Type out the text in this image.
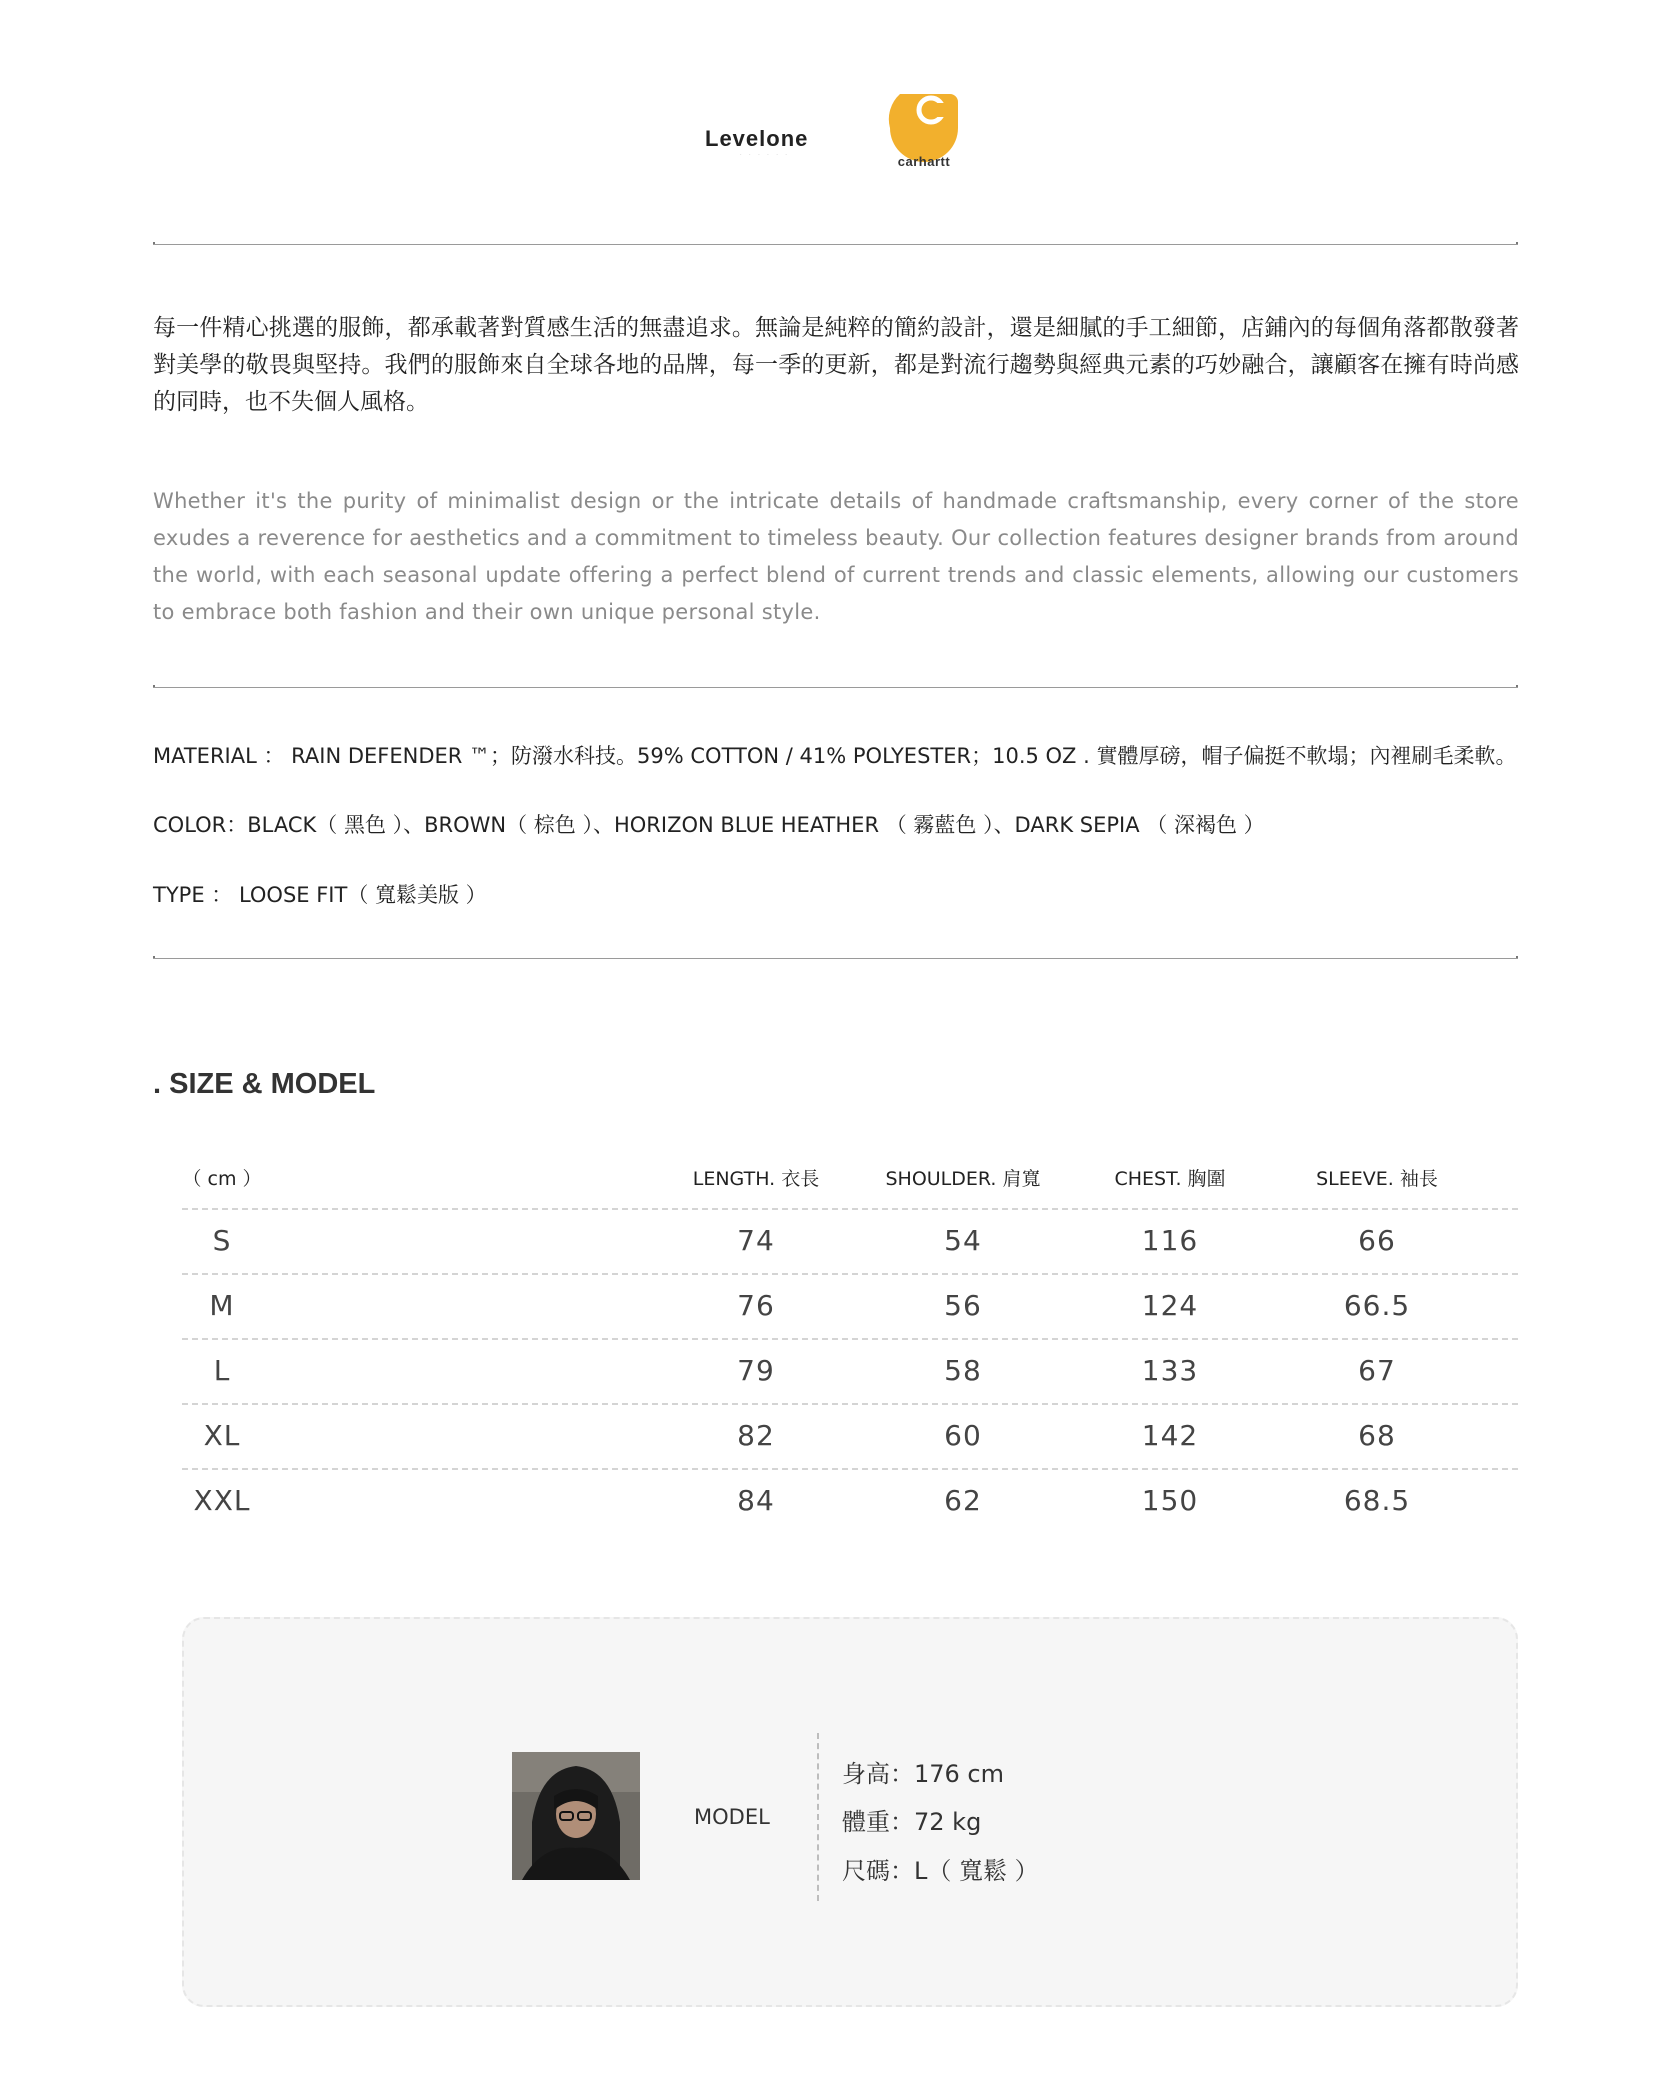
Levelone
· · · · · ·	carhartt
每一件精心挑選的服飾，都承載著對質感生活的無盡追求。無論是純粹的簡約設計，還是細膩的手工細節，店鋪內的每個角落都散發著對美學的敬畏與堅持。我們的服飾來自全球各地的品牌，每一季的更新，都是對流行趨勢與經典元素的巧妙融合，讓顧客在擁有時尚感的同時，也不失個人風格。
Whether it's the purity of minimalist design or the intricate details of handmade craftsmanship, every corner of the store exudes a reverence for aesthetics and a commitment to timeless beauty. Our collection features designer brands from around the world, with each seasonal update offering a perfect blend of current trends and classic elements, allowing our customers to embrace both fashion and their own unique personal style.
MATERIAL ： RAIN DEFENDER ™；防潑水科技。59% COTTON / 41% POLYESTER；10.5 OZ . 實體厚磅，帽子偏挺不軟塌；內裡刷毛柔軟。
COLOR：BLACK（ 黑色 ）、BROWN（ 棕色 ）、HORIZON BLUE HEATHER （ 霧藍色 ）、DARK SEPIA （ 深褐色 ）
TYPE ： LOOSE FIT（ 寬鬆美版 ）
. SIZE & MODEL
（ cm ）	LENGTH. 衣長	SHOULDER. 肩寬	CHEST. 胸圍	SLEEVE. 袖長
S	74	54	116	66
M	76	56	124	66.5
L	79	58	133	67
XL	82	60	142	68
XXL	84	62	150	68.5
MODEL
身高：176 cm
體重：72 kg
尺碼：L（ 寬鬆 ）
